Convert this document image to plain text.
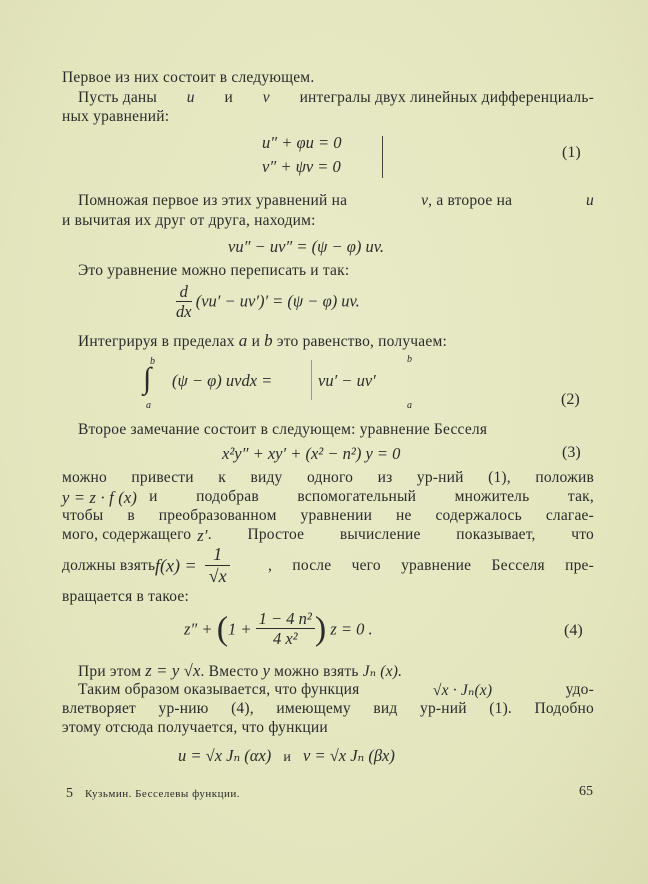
Первое из них состоит в следующем.
Пусть даны u и v интегралы двух линейных дифференциаль-
ных уравнений:
u″ + φu = 0
v″ + ψv = 0
(1)
Помножая первое из этих уравнений на	v, а второе на	u
и вычитая их друг от друга, находим:
vu″ − uv″ = (ψ − φ) uv.
Это уравнение можно переписать и так:
$\frac{d}{dx} (vu' - uv')' = (\psi - \varphi)$ uv.
Интегрируя в пределах a и b это равенство, получаем:
b
∫
a
(ψ − φ) uvdx =	vu′ − uv′
b
a	(2)
Второе замечание состоит в следующем: уравнение Бесселя
x²y″ + xy′ + (x² − n²) y = 0	(3)
можно привести к виду одного из ур-ний (1), положив
y = z · f (x) и подобрав вспомогательный множитель так,
чтобы в преобразованном уравнении не содержалось слагае-
мого, содержащего z′ . Простое вычисление показывает, что
должны взять $f(x) = \frac{1}{√x}$ , после чего уравнение Бесселя пре-
вращается в такое:
$z'' + (1 + \frac{\text{1 − 4 n²}}{\text{4 x²}}$ ) z = 0 .	(4)
При этом z = y √x. Вместо y можно взять Jₙ (x).
Таким образом оказывается, что функция	√x · Jₙ(x)	удо-
влетворяет ур-нию (4), имеющему вид ур-ний (1). Подобно
этому отсюда получается, что функции
u = √x Jₙ (αx) и v = √x Jₙ (βx)
5 Кузьмин. Бесселевы функции.	65
